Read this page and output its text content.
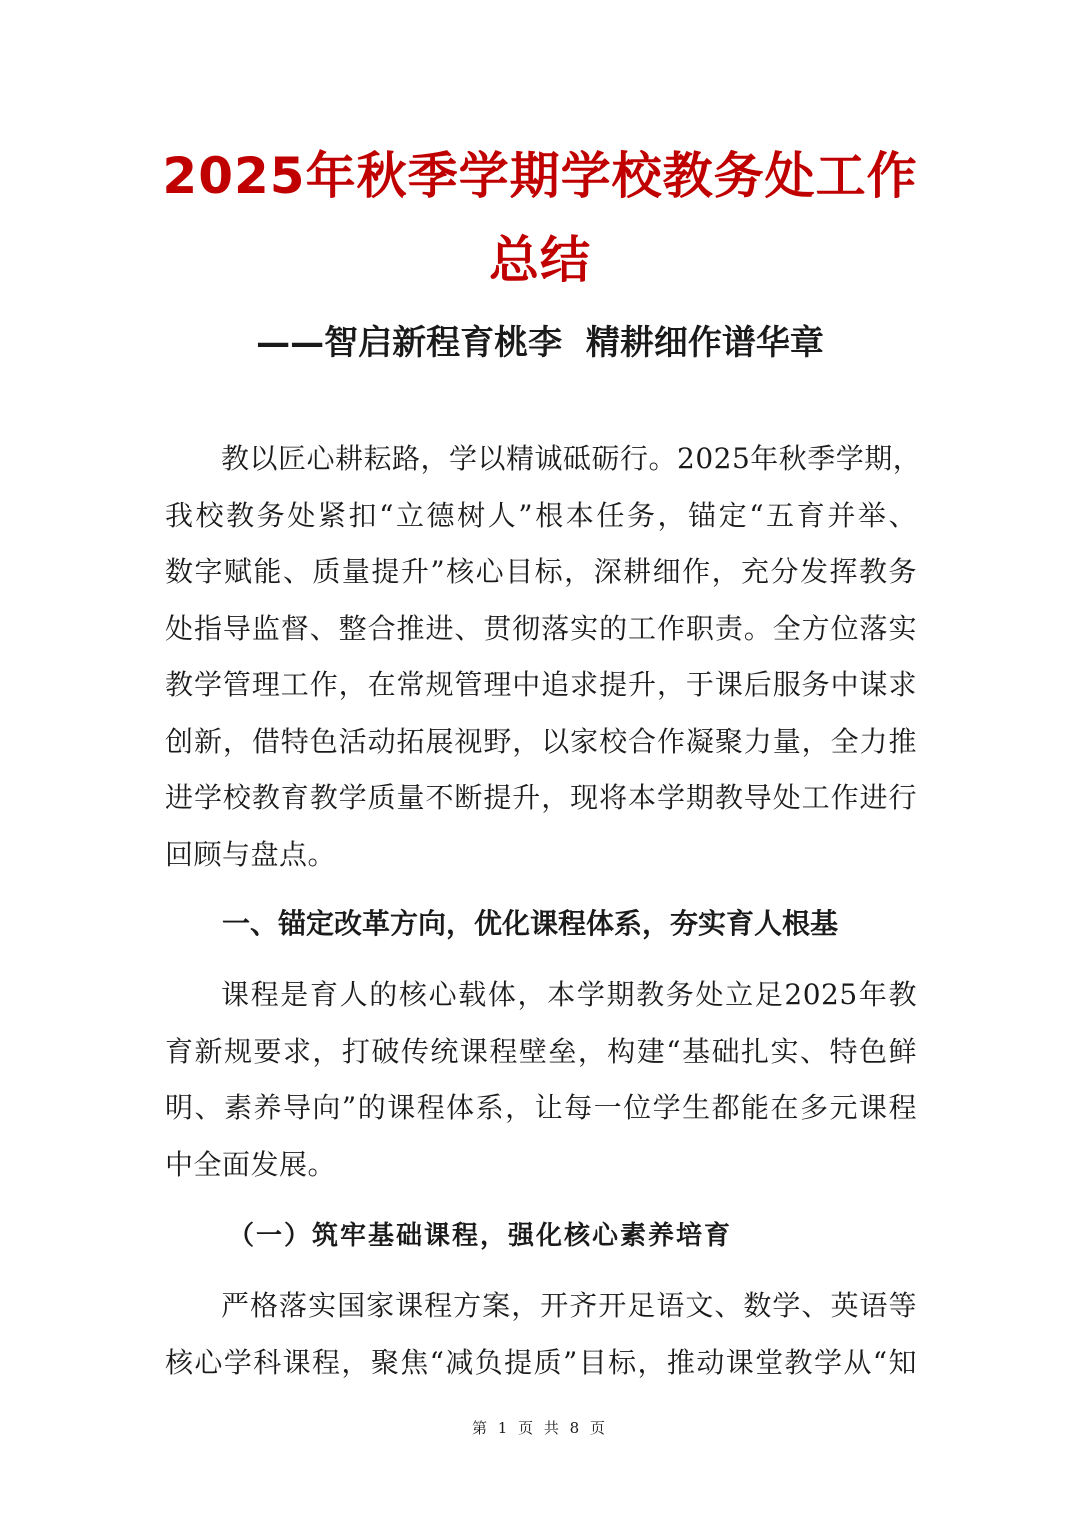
2025年秋季学期学校教务处工作
总结
——智启新程育桃李  精耕细作谱华章

教以匠心耕耘路，学以精诚砥砺行。2025年秋季学期，
我校教务处紧扣“立德树人”根本任务，锚定“五育并举、
数字赋能、质量提升”核心目标，深耕细作，充分发挥教务
处指导监督、整合推进、贯彻落实的工作职责。全方位落实
教学管理工作，在常规管理中追求提升，于课后服务中谋求
创新，借特色活动拓展视野，以家校合作凝聚力量，全力推
进学校教育教学质量不断提升，现将本学期教导处工作进行
回顾与盘点。

一、锚定改革方向，优化课程体系，夯实育人根基

课程是育人的核心载体，本学期教务处立足2025年教
育新规要求，打破传统课程壁垒，构建“基础扎实、特色鲜
明、素养导向”的课程体系，让每一位学生都能在多元课程
中全面发展。

（一）筑牢基础课程，强化核心素养培育

严格落实国家课程方案，开齐开足语文、数学、英语等
核心学科课程，聚焦“减负提质”目标，推动课堂教学从“知

第 1 页 共 8 页
